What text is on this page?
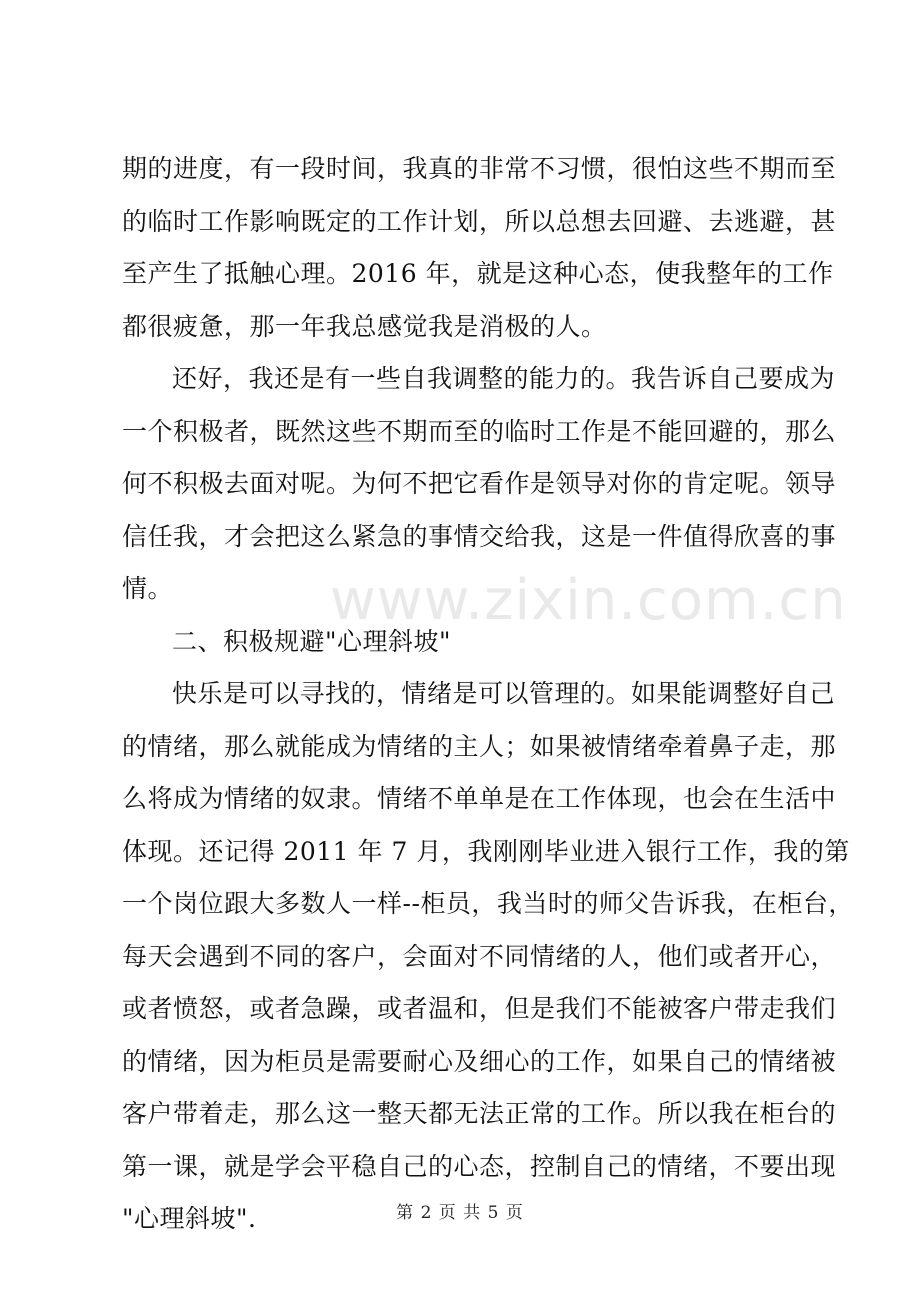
期的进度，有一段时间，我真的非常不习惯，很怕这些不期而至
的临时工作影响既定的工作计划，所以总想去回避、去逃避，甚
至产生了抵触心理。2016 年，就是这种心态，使我整年的工作
都很疲惫，那一年我总感觉我是消极的人。
还好，我还是有一些自我调整的能力的。我告诉自己要成为
一个积极者，既然这些不期而至的临时工作是不能回避的，那么
何不积极去面对呢。为何不把它看作是领导对你的肯定呢。领导
信任我，才会把这么紧急的事情交给我，这是一件值得欣喜的事
情。
二、积极规避"心理斜坡"
快乐是可以寻找的，情绪是可以管理的。如果能调整好自己
的情绪，那么就能成为情绪的主人；如果被情绪牵着鼻子走，那
么将成为情绪的奴隶。情绪不单单是在工作体现，也会在生活中
体现。还记得 2011 年 7 月，我刚刚毕业进入银行工作，我的第
一个岗位跟大多数人一样--柜员，我当时的师父告诉我，在柜台，
每天会遇到不同的客户，会面对不同情绪的人，他们或者开心，
或者愤怒，或者急躁，或者温和，但是我们不能被客户带走我们
的情绪，因为柜员是需要耐心及细心的工作，如果自己的情绪被
客户带着走，那么这一整天都无法正常的工作。所以我在柜台的
第一课，就是学会平稳自己的心态，控制自己的情绪，不要出现
"心理斜坡".
www.zixin.com.cn
第 2 页 共 5 页
